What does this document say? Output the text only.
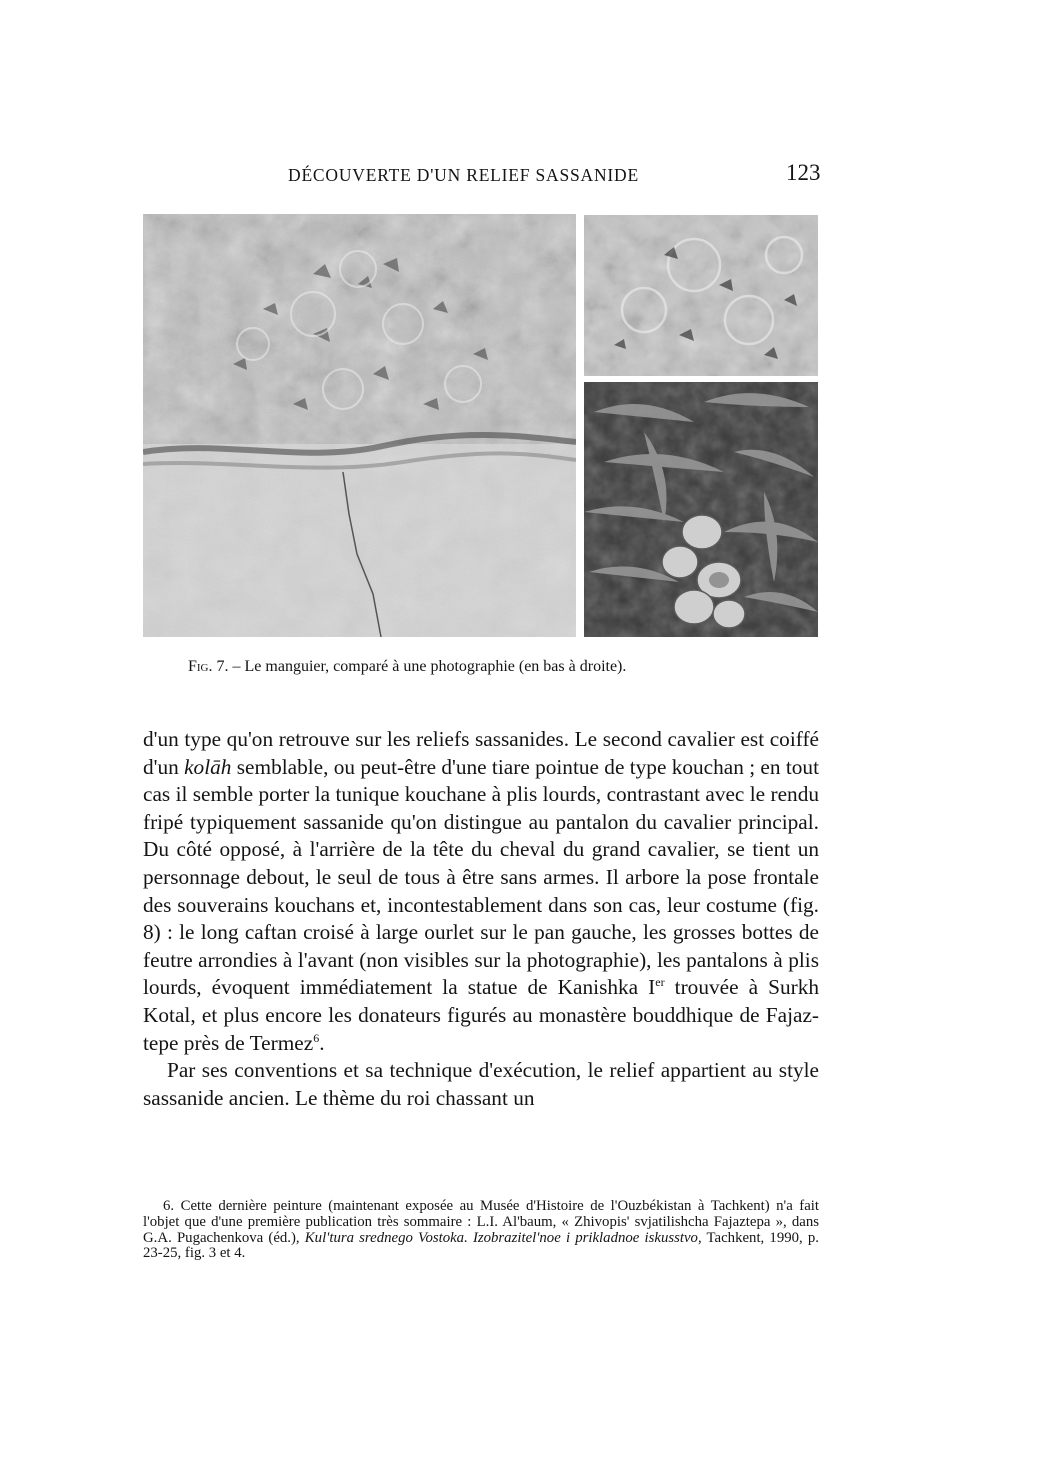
DÉCOUVERTE D'UN RELIEF SASSANIDE	123
Fig. 7. – Le manguier, comparé à une photographie (en bas à droite).

d'un type qu'on retrouve sur les reliefs sassanides. Le second cavalier est coiffé d'un kolāh semblable, ou peut-être d'une tiare pointue de type kouchan ; en tout cas il semble porter la tunique kouchane à plis lourds, contrastant avec le rendu fripé typiquement sassanide qu'on distingue au pantalon du cavalier principal. Du côté opposé, à l'arrière de la tête du cheval du grand cavalier, se tient un personnage debout, le seul de tous à être sans armes. Il arbore la pose frontale des souverains kouchans et, incontestablement dans son cas, leur costume (fig. 8) : le long caftan croisé à large ourlet sur le pan gauche, les grosses bottes de feutre arrondies à l'avant (non visibles sur la photographie), les pantalons à plis lourds, évoquent immédiatement la statue de Kanishka Ier trouvée à Surkh Kotal, et plus encore les donateurs figurés au monastère bouddhique de Fajaz-tepe près de Termez$^6$.

Par ses conventions et sa technique d'exécution, le relief appartient au style sassanide ancien. Le thème du roi chassant un

6. Cette dernière peinture (maintenant exposée au Musée d'Histoire de l'Ouzbékistan à Tachkent) n'a fait l'objet que d'une première publication très sommaire : L.I. Al'baum, « Zhivopis' svjatilishcha Fajaztepa », dans G.A. Pugachenkova (éd.), Kul'tura srednego Vostoka. Izobrazitel'noe i prikladnoe iskusstvo, Tachkent, 1990, p. 23-25, fig. 3 et 4.
